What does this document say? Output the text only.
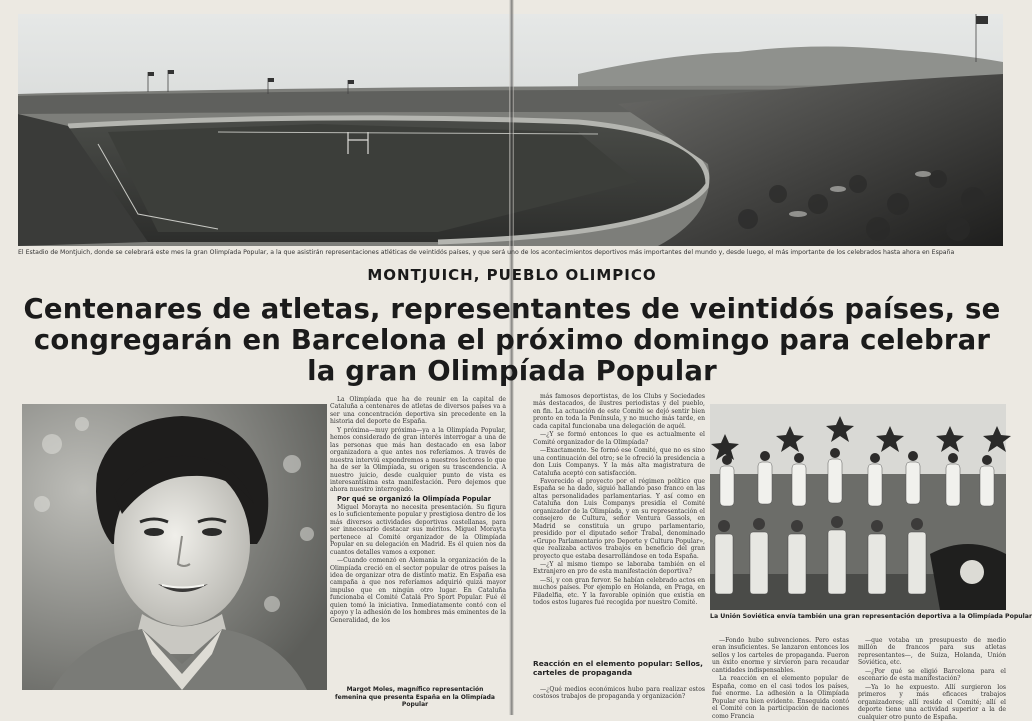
El Estadio de Montjuich, donde se celebrará este mes la gran Olimpíada Popular, a la que asistirán representaciones atléticas de veintidós países, y que será uno de los acontecimientos deportivos más importantes del mundo y, desde luego, el más importante de los celebrados hasta ahora en España
MONTJUICH, PUEBLO OLIMPICO
Centenares de atletas, representantes de veintidós países, se
congregarán en Barcelona el próximo domingo para celebrar
la gran Olimpíada Popular
Margot Moles, magnífico representación femenina que presenta España en la Olimpíada Popular

La Olimpíada que ha de reunir en la capital de Cataluña a centenares de atletas de diversos países va a ser una concentración deportiva sin precedente en la historia del deporte de España.

Y próxima—muy próxima—ya a la Olimpíada Popular, hemos considerado de gran interés interrogar a una de las personas que más han destacado en esa labor organizadora a que antes nos referíamos. A través de nuestra interviú expondremos a nuestros lectores lo que ha de ser la Olimpíada, su origen su trascendencia. A nuestro juicio, desde cualquier punto de vista es interesantísima esta manifestación. Pero dejemos que ahora nuestro interrogado.

Por qué se organizó la Olimpíada Popular

Miguel Morayta no necesita presentación. Su figura es lo suficientemente popular y prestigiosa dentro de los más diversos actividades deportivas castellanas, para ser innecesario destacar sus méritos. Miguel Morayta pertenece al Comité organizador de la Olimpíada Popular en su delegación en Madrid. Es él quien nos da cuantos detalles vamos a exponer.

—Cuando comenzó en Alemania la organización de la Olimpíada creció en el sector popular de otros países la idea de organizar otra de distinto matiz. En España esa campaña a que nos referíamos adquirió quizá mayor impulso que en ningún otro lugar. En Cataluña funcionaba el Comité Catalá Pro Sport Popular. Fué él quien tomó la iniciativa. Inmediatamente contó con el apoyo y la adhesión de los hombres más eminentes de la Generalidad, de los

más famosos deportistas, de los Clubs y Sociedades más destacados, de ilustres periodistas y del pueblo, en fin. La actuación de este Comité se dejó sentir bien pronto en toda la Península, y no mucho más tarde, en cada capital funcionaba una delegación de aquél.

—¿Y se formó entonces lo que es actualmente el Comité organizador de la Olimpíada?

—Exactamente. Se formó ese Comité, que no es sino una continuación del otro; se le ofreció la presidencia a don Luis Companys. Y la más alta magistratura de Cataluña aceptó con satisfacción.

Favorecido el proyecto por el régimen político que España se ha dado, siguió hallando paso franco en las altas personalidades parlamentarias. Y así como en Cataluña don Luis Companys presidía el Comité organizador de la Olimpíada, y en su representación el consejero de Cultura, señor Ventura Gassols, en Madrid se constituía un grupo parlamentario, presidido por el diputado señor Trabal, denominado «Grupo Parlamentario pro Deporte y Cultura Popular», que realizaba activos trabajos en beneficio del gran proyecto que estaba desarrollándose en toda España.

—¿Y al mismo tiempo se laboraba también en el Extranjero en pro de esta manifestación deportiva?

—Sí, y con gran fervor. Se habían celebrado actos en muchos países. Por ejemplo en Holanda, en Praga, en Filadelfia, etc. Y la favorable opinión que existía en todos estos lugares fué recogida por nuestro Comité.

Reacción en el elemento popular: Sellos, carteles de propaganda

—¿Qué medios económicos hubo para realizar estos costosos trabajos de propaganda y organización?

La Unión Soviética envía también una gran representación deportiva a la Olimpíada Popular

—Fondo hubo subvenciones. Pero estas eran insuficientes. Se lanzaron entonces los sellos y los carteles de propaganda. Fueron un éxito enorme y sirvieron para recaudar cantidades indispensables.

La reacción en el elemento popular de España, como en el casi todos los países, fué enorme. La adhesión a la Olimpíada Popular era bien evidente. Enseguida contó el Comité con la participación de naciones como Francia

—que votaba un presupuesto de medio millón de francos para sus atletas representantes—, de Suiza, Holanda, Unión Soviética, etc.

—¿Por qué se eligió Barcelona para el escenario de esta manifestación?

—Ya lo he expuesto. Allí surgieron los primeros y más eficaces trabajos organizadores; allí reside el Comité; allí el deporte tiene una actividad superior a la de cualquier otro punto de España.
